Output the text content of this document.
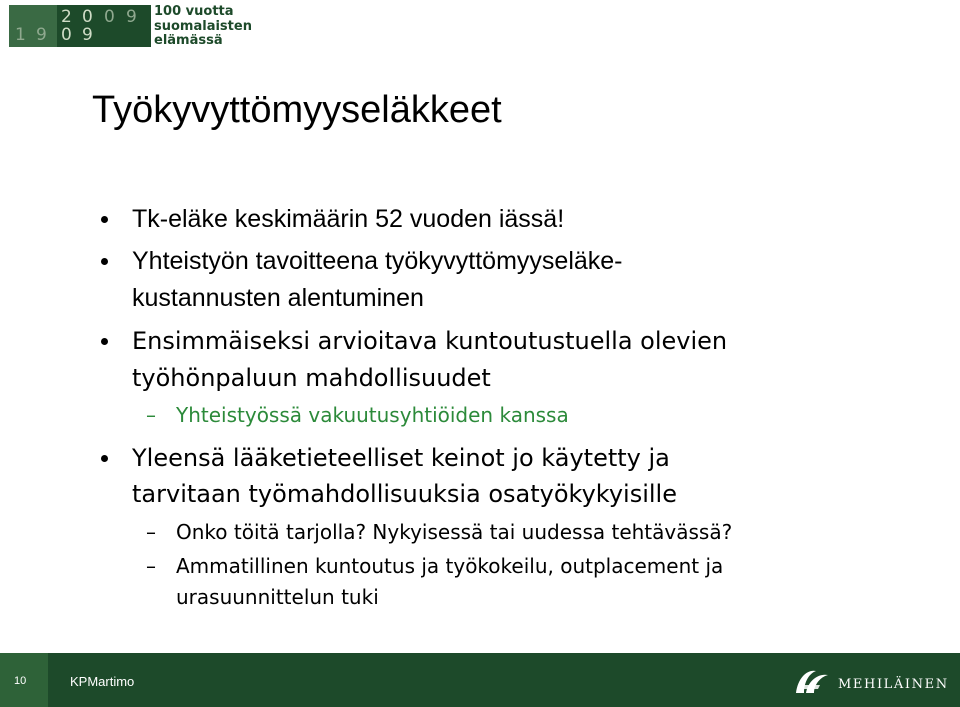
2 0 0 9
1 9 0 9
100 vuotta
suomalaisten
elämässä
Työkyvyttömyyseläkkeet
Tk-eläke keskimäärin 52 vuoden iässä!
Yhteistyön tavoitteena työkyvyttömyyseläke-
kustannusten alentuminen
Ensimmäiseksi arvioitava kuntoutustuella olevien
työhönpaluun mahdollisuudet
– Yhteistyössä vakuutusyhtiöiden kanssa
Yleensä lääketieteelliset keinot jo käytetty ja
tarvitaan työmahdollisuuksia osatyökykyisille
– Onko töitä tarjolla? Nykyisessä tai uudessa tehtävässä?
– Ammatillinen kuntoutus ja työkokeilu, outplacement ja
urasuunnittelun tuki
10	KPMartimo	MEHILÄINEN
